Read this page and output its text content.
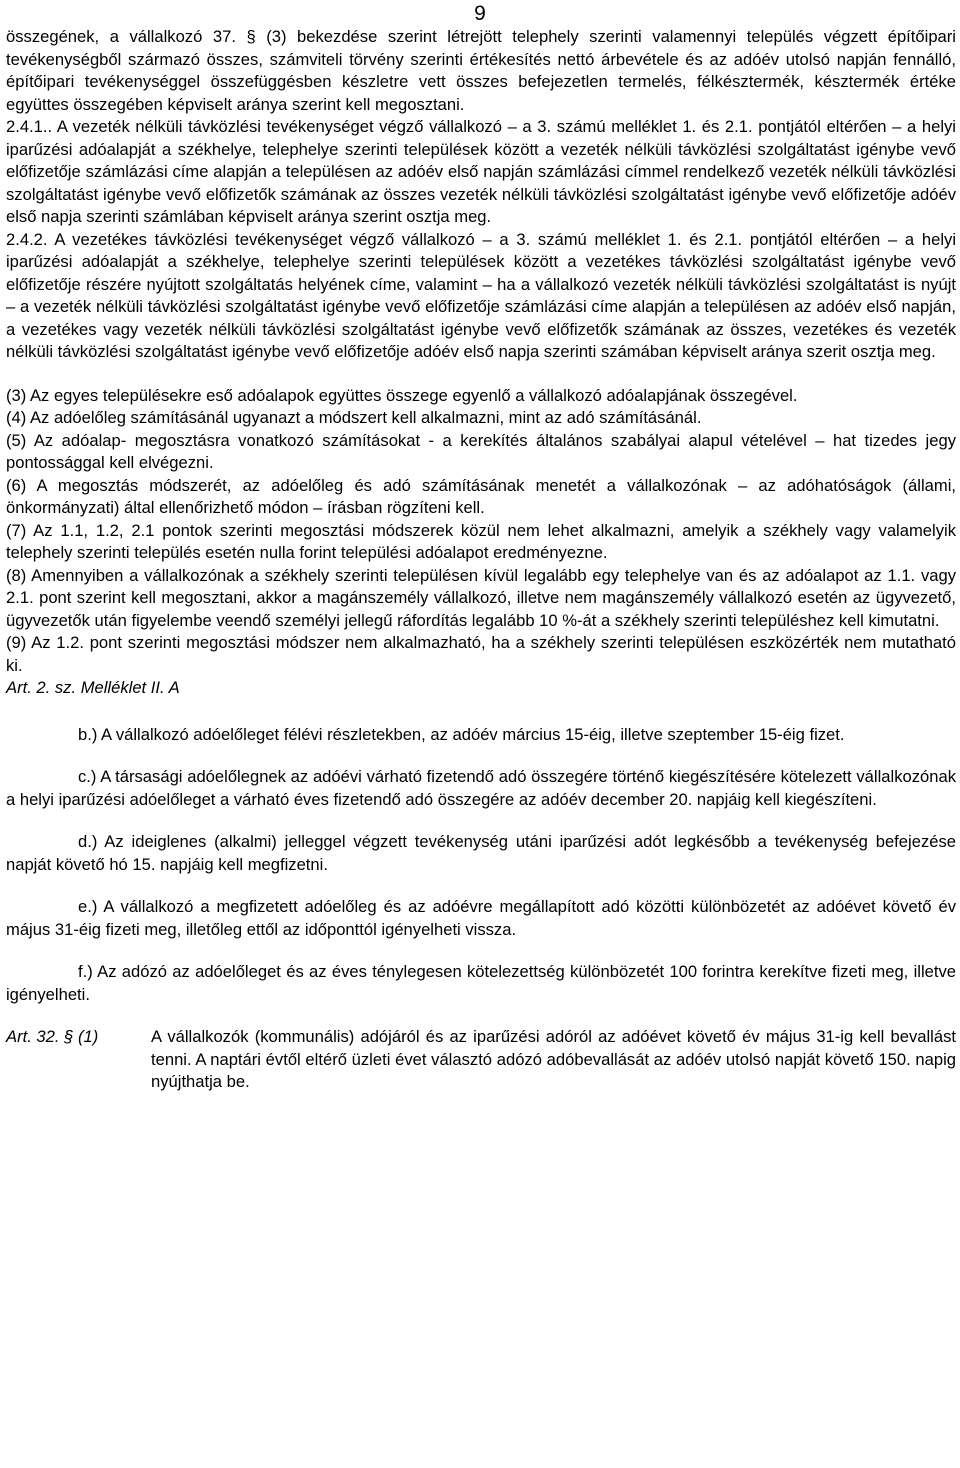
9

összegének, a vállalkozó 37. § (3) bekezdése szerint létrejött telephely szerinti valamennyi település végzett építőipari tevékenységből származó összes, számviteli törvény szerinti értékesítés nettó árbevétele és az adóév utolsó napján fennálló, építőipari tevékenységgel összefüggésben készletre vett összes befejezetlen termelés, félkésztermék, késztermék értéke együttes összegében képviselt aránya szerint kell megosztani.

2.4.1.. A vezeték nélküli távközlési tevékenységet végző vállalkozó – a 3. számú melléklet 1. és 2.1. pontjától eltérően – a helyi iparűzési adóalapját a székhelye, telephelye szerinti települések között a vezeték nélküli távközlési szolgáltatást igénybe vevő előfizetője számlázási címe alapján a településen az adóév első napján számlázási címmel rendelkező vezeték nélküli távközlési szolgáltatást igénybe vevő előfizetők számának az összes vezeték nélküli távközlési szolgáltatást igénybe vevő előfizetője adóév első napja szerinti számlában képviselt aránya szerint osztja meg.

2.4.2. A vezetékes távközlési tevékenységet végző vállalkozó – a 3. számú melléklet 1. és 2.1. pontjától eltérően – a helyi iparűzési adóalapját a székhelye, telephelye szerinti települések között a vezetékes távközlési szolgáltatást igénybe vevő előfizetője részére nyújtott szolgáltatás helyének címe, valamint – ha a vállalkozó vezeték nélküli távközlési szolgáltatást is nyújt – a vezeték nélküli távközlési szolgáltatást igénybe vevő előfizetője számlázási címe alapján a településen az adóév első napján, a vezetékes vagy vezeték nélküli távközlési szolgáltatást igénybe vevő előfizetők számának az összes, vezetékes és vezeték nélküli távközlési szolgáltatást igénybe vevő előfizetője adóév első napja szerinti számában képviselt aránya szerit osztja meg.

(3) Az egyes településekre eső adóalapok együttes összege egyenlő a vállalkozó adóalapjának összegével.

(4) Az adóelőleg számításánál ugyanazt a módszert kell alkalmazni, mint az adó számításánál.

(5) Az adóalap- megosztásra vonatkozó számításokat - a kerekítés általános szabályai alapul vételével – hat tizedes jegy pontossággal kell elvégezni.

(6) A megosztás módszerét, az adóelőleg és adó számításának menetét a vállalkozónak – az adóhatóságok (állami, önkormányzati) által ellenőrizhető módon – írásban rögzíteni kell.

(7) Az 1.1, 1.2, 2.1 pontok szerinti megosztási módszerek közül nem lehet alkalmazni, amelyik a székhely vagy valamelyik telephely szerinti település esetén nulla forint települési adóalapot eredményezne.

(8) Amennyiben a vállalkozónak a székhely szerinti településen kívül legalább egy telephelye van és az adóalapot az 1.1. vagy 2.1. pont szerint kell megosztani, akkor a magánszemély vállalkozó, illetve nem magánszemély vállalkozó esetén az ügyvezető, ügyvezetők után figyelembe veendő személyi jellegű ráfordítás legalább 10 %-át a székhely szerinti településhez kell kimutatni.

(9) Az 1.2. pont szerinti megosztási módszer nem alkalmazható, ha a székhely szerinti településen eszközérték nem mutatható ki.

Art. 2. sz. Melléklet II. A

b.) A vállalkozó adóelőleget félévi részletekben, az adóév március 15-éig, illetve szeptember 15-éig fizet.

c.) A társasági adóelőlegnek az adóévi várható fizetendő adó összegére történő kiegészítésére kötelezett vállalkozónak a helyi iparűzési adóelőleget a várható éves fizetendő adó összegére az adóév december 20. napjáig kell kiegészíteni.

d.) Az ideiglenes (alkalmi) jelleggel végzett tevékenység utáni iparűzési adót legkésőbb a tevékenység befejezése napját követő hó 15. napjáig kell megfizetni.

e.) A vállalkozó a megfizetett adóelőleg és az adóévre megállapított adó közötti különbözetét az adóévet követő év május 31-éig fizeti meg, illetőleg ettől az időponttól igényelheti vissza.

f.) Az adózó az adóelőleget és az éves ténylegesen kötelezettség különbözetét 100 forintra kerekítve fizeti meg, illetve igényelheti.

Art. 32. § (1)	A vállalkozók (kommunális) adójáról és az iparűzési adóról az adóévet követő év május 31-ig kell bevallást tenni. A naptári évtől eltérő üzleti évet választó adózó adóbevallását az adóév utolsó napját követő 150. napig nyújthatja be.
